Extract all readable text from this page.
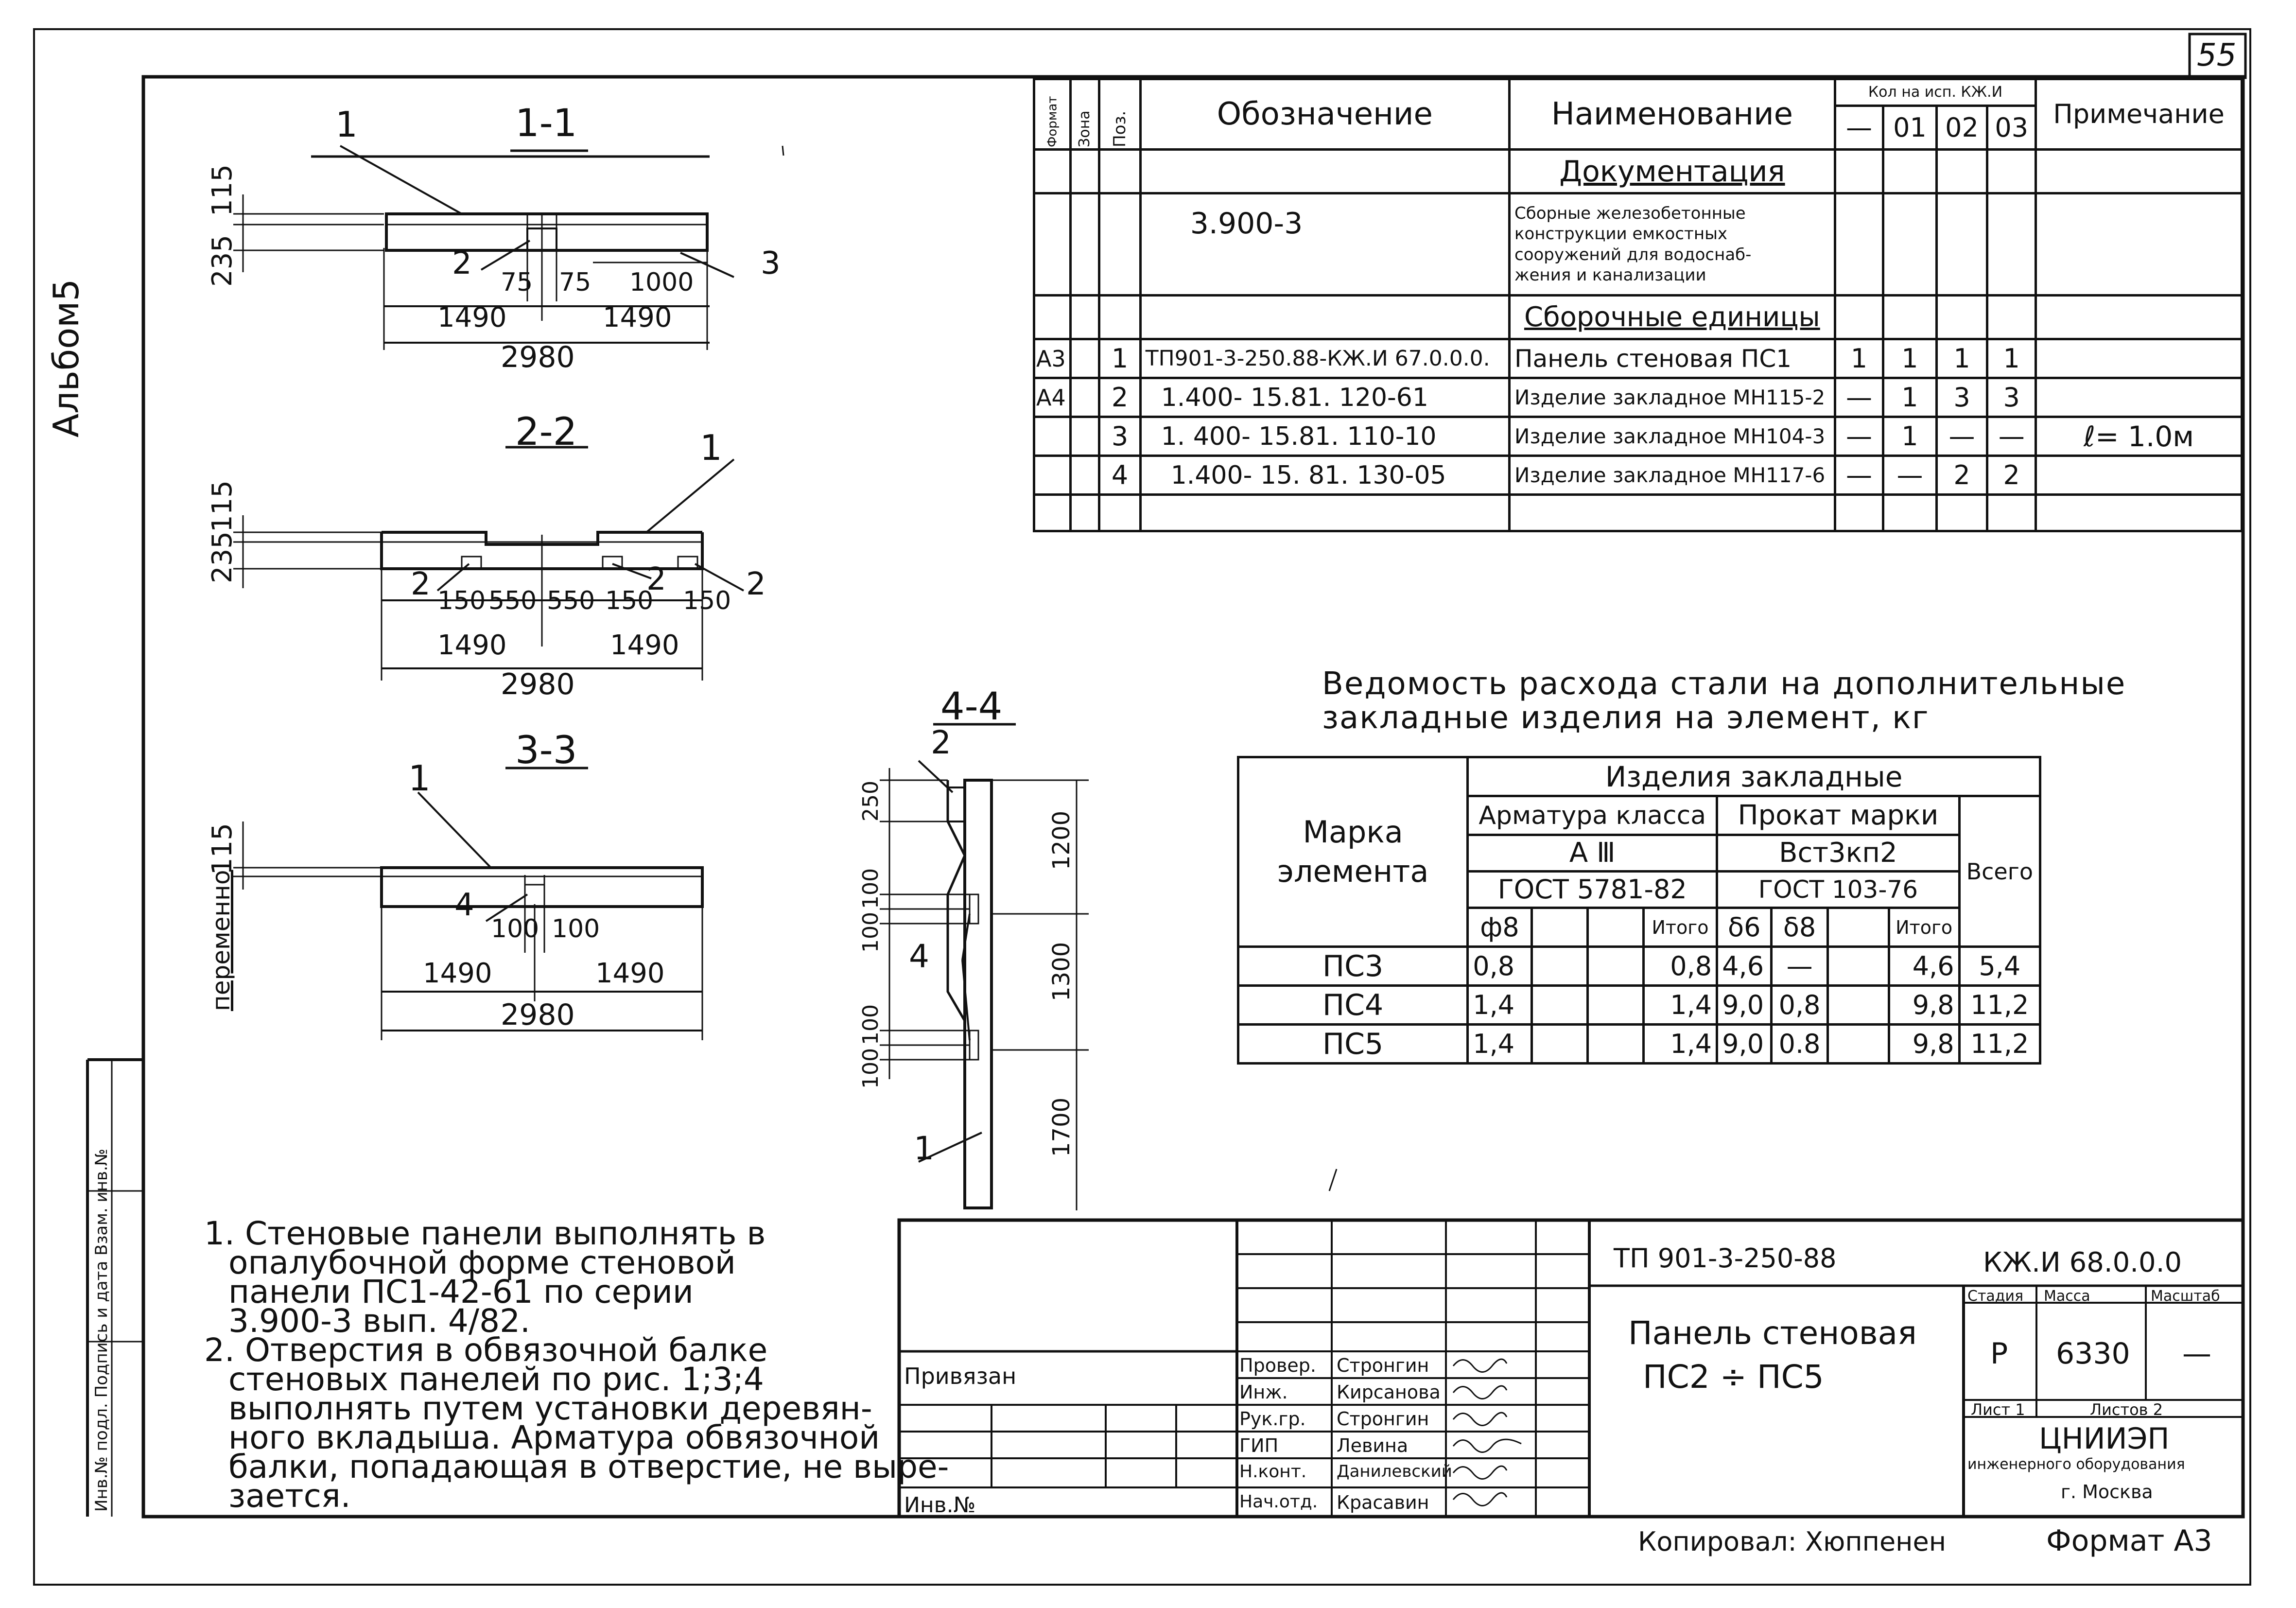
55
Альбом5
Инв.№ подл. Подпись и дата Взам. инв.№
1-1
1
2	3
235
115
75 75 1000
1490	1490
2980
2-2	1
2	2	2
235
115
150 550 550 150 150
1490	1490
2980
3-3
1
4
переменно
115
100 100
1490	1490
2980
4-4
2
4
1
250
1200
100
100
1300
100
100
1700
Формат	Зона	Поз.	Обозначение	Наименование	Кол на исп. КЖ.И				Примечание
					—	01	02	03	
				Документация					
			3.900-3	Сборные железобетонные
конструкции емкостных
сооружений для водоснаб-
жения и канализации					

				Сборочные единицы					
А3		1	ТП901-3-250.88-КЖ.И 67.0.0.0.	Панель стеновая ПС1	1	1	1	1	
А4		2	1.400- 15.81. 120-61	Изделие закладное МН115-2	—	1	3	3	
		3	1. 400- 15.81. 110-10	Изделие закладное МН104-3	—	1	—	—	ℓ= 1.0м
		4	1.400- 15. 81. 130-05	Изделие закладное МН117-6	—	—	2	2	

Ведомость расхода стали на дополнительные
закладные изделия на элемент, кг
Марка элемента	Изделия закладные								
	Арматура класса				Прокат марки				Всего
	А Ⅲ				Вст3кп2				
	ГОСТ 5781-82				ГОСТ 103-76				
	ф8			Итого	δ6	δ8		Итого	
ПС3	0,8			0,8	4,6	—		4,6	5,4
ПС4	1,4			1,4	9,0	0,8		9,8	11,2
ПС5	1,4			1,4	9,0	0.8		9,8	11,2
1. Стеновые панели выполнять в
опалубочной форме стеновой
панели ПС1-42-61 по серии
3.900-3 вып. 4/82.
2. Отверстия в обвязочной балке
стеновых панелей по рис. 1;3;4
выполнять путем установки деревян-
ного вкладыша. Арматура обвязочной
балки, попадающая в отверстие, не выре-
зается.
Привязан
Инв.№
Провер. Стронгин
Инж.	Кирсанова
Рук.гр. Стронгин
ГИП	Левина
Н.конт. Данилевский
Нач.отд. Красавин
ТП 901-3-250-88	КЖ.И 68.0.0.0
Панель стеновая
ПС2 ÷ ПС5
Стадия Масса	Масштаб
Р 6330 —
Лист 1	Листов 2
ЦНИИЭП
инженерного оборудования
г. Москва
Копировал: Хюппенен	Формат А3
